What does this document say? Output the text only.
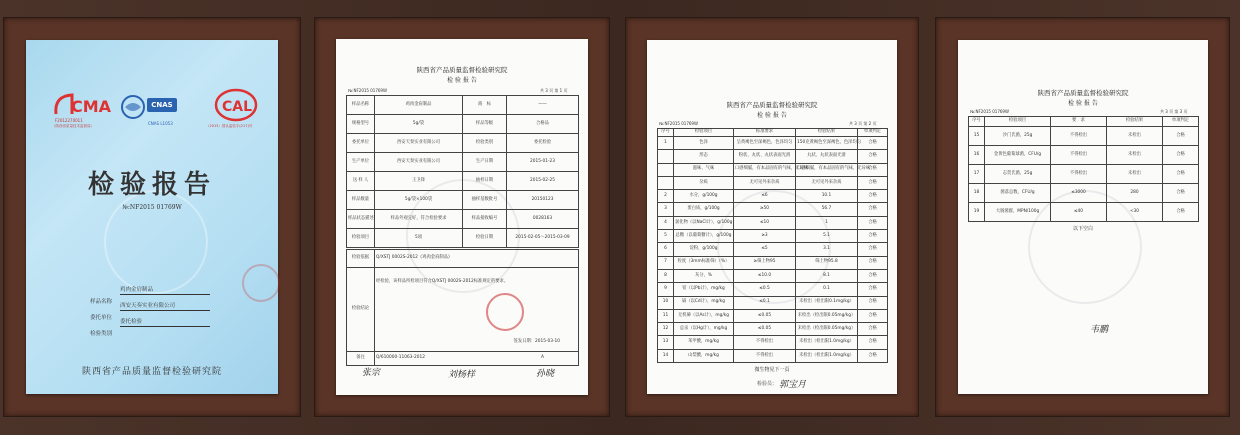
CMA
F2012270011
（陕西省质量技术监督局）
CNAS
CNAS L1053
CAL
（2013）国认监验字(217)号
检验报告
№:NF2015 01769W
样品名称
鸡肉金肩制品
委托单位
西安天奏实业有限公司
检验类别
委托检验
陕西省产品质量监督检验研究院
陕西省产品质量监督检验研究院
检 验 报 告
№:NF2015 01769W	共 3 页 第 1 页
样品名称	鸡肉金肩制品	商　标	——
规格型号	5g/袋	样品等级	合格品
委托单位	西安天奏实业有限公司	检验类别	委托检验
生产单位	西安天奏实业有限公司	生产日期	2015-01-23
送 样 人	王卫锋	抽样日期	2015-02-25
样品数量	5g/袋×100袋	抽样基数批号	20150123
样品状态描述	样品外观完好，符合检验要求	样品接收编号	0028163
检验项目	5项	检验日期	2015-02-05～2015-03-09
检验依据	Q/XSTJ 0002S-2012《鸡肉金肩制品》
检验结论	经检验，该样品所检项目符合Q/XSTJ 0002S-2012标准规定的要求。
签发日期：2015-03-10

备注	Q/610000-11063-2012 A
张宗	刘杨样	孙晓
陕西省产品质量监督检验研究院
检 验 报 告
№:NF2015 01769W	共 3 页 第 2 页
序号	检验项目	标准要求	检验结果	单项判定
1	色泽	呈黄褐色至深褐色，色泽均匀	150克黄褐色至深褐色，色泽均匀	合格
	形态	粉状、丸状、丸状表面光滑	丸状、丸状表面光滑	合格
	滋味、气味	口感细腻，有本品固有的气味，无异味	口感细腻，有本品固有的气味，无异味	合格
	杂质	无可见外来杂质	无可见外来杂质	合格
2	水分，g/100g	≤6	10.1	合格
3	蛋白质，g/100g	≥50	56.7	合格
4	氯化物（以NaCl计），g/100g	≤10	1	合格
5	总糖（以葡萄糖计），g/100g	≥3	5.1	合格
6	淀粉，g/100g	≤5	3.1	合格
7	粒度（3mm标准筛）（%）	≥筛上物95	筛上物95.8	合格
8	灰分，%	≤10.0	8.1	合格
9	铅（以Pb计），mg/kg	≤0.5	0.1	合格
10	镉（以Cd计），mg/kg	≤0.1	未检出（检出限0.1mg/kg）	合格
11	无机砷（以As计），mg/kg	≤0.05	未检出（检出限0.05mg/kg）	合格
12	总汞（以Hg计），mg/kg	≤0.05	未检出（检出限0.05mg/kg）	合格
13	苯甲酸，mg/kg	不得检出	未检出（检出限1.0mg/kg）	合格
14	山梨酸，mg/kg	不得检出	未检出（检出限1.0mg/kg）	合格
微生物见下一页
检验员： 郭宝月
陕西省产品质量监督检验研究院
检 验 报 告
№:NF2015 01769W	共 3 页 第 3 页
序号	检验项目	要　求	检验结果	单项判定
15	沙门氏菌，25g	不得检出	未检出	合格
16	金黄色葡萄球菌，CFU/g	不得检出	未检出	合格
17	志贺氏菌，25g	不得检出	未检出	合格
18	菌落总数，CFU/g	≤3000	280	合格
19	大肠菌群，MPN/100g	≤40	<30	合格
以下空白
韦鹏
